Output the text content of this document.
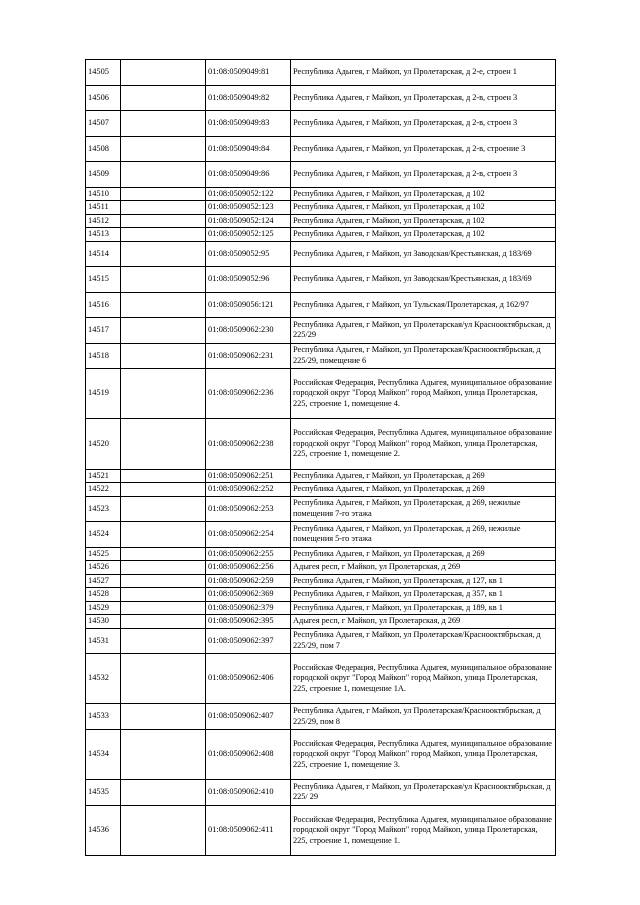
14505		01:08:0509049:81	Республика Адыгея, г Майкоп, ул Пролетарская, д 2-е, строен 1
14506		01:08:0509049:82	Республика Адыгея, г Майкоп, ул Пролетарская, д 2-в, строен 3
14507		01:08:0509049:83	Республика Адыгея, г Майкоп, ул Пролетарская, д 2-в, строен 3
14508		01:08:0509049:84	Республика Адыгея, г Майкоп, ул Пролетарская, д 2-в, строение 3
14509		01:08:0509049:86	Республика Адыгея, г Майкоп, ул Пролетарская, д 2-в, строен 3
14510		01:08:0509052:122	Республика Адыгея, г Майкоп, ул Пролетарская, д 102
14511		01:08:0509052:123	Республика Адыгея, г Майкоп, ул Пролетарская, д 102
14512		01:08:0509052:124	Республика Адыгея, г Майкоп, ул Пролетарская, д 102
14513		01:08:0509052:125	Республика Адыгея, г Майкоп, ул Пролетарская, д 102
14514		01:08:0509052:95	Республика Адыгея, г Майкоп, ул Заводская/Крестьянская, д 183/69
14515		01:08:0509052:96	Республика Адыгея, г Майкоп, ул Заводская/Крестьянская, д 183/69
14516		01:08:0509056:121	Республика Адыгея, г Майкоп, ул Тульская/Пролетарская, д 162/97
14517		01:08:0509062:230	Республика Адыгея, г Майкоп, ул Пролетарская/ул Краснооктябрьская, д 225/29
14518		01:08:0509062:231	Республика Адыгея, г Майкоп, ул Пролетарская/Краснооктябрьская, д 225/29, помещение 6
14519		01:08:0509062:236	Российская Федерация, Республика Адыгея, муниципальное образование городской округ "Город Майкоп" город Майкоп, улица Пролетарская, 225, строение 1, помещение 4.
14520		01:08:0509062:238	Российская Федерация, Республика Адыгея, муниципальное образование городской округ "Город Майкоп" город Майкоп, улица Пролетарская, 225, строение 1, помещение 2.
14521		01:08:0509062:251	Республика Адыгея, г Майкоп, ул Пролетарская, д 269
14522		01:08:0509062:252	Республика Адыгея, г Майкоп, ул Пролетарская, д 269
14523		01:08:0509062:253	Республика Адыгея, г Майкоп, ул Пролетарская, д 269, нежилые помещения 7-го этажа
14524		01:08:0509062:254	Республика Адыгея, г Майкоп, ул Пролетарская, д 269, нежилые помещения 5-го этажа
14525		01:08:0509062:255	Республика Адыгея, г Майкоп, ул Пролетарская, д 269
14526		01:08:0509062:256	Адыгея респ, г Майкоп, ул Пролетарская, д 269
14527		01:08:0509062:259	Республика Адыгея, г Майкоп, ул Пролетарская, д 127, кв 1
14528		01:08:0509062:369	Республика Адыгея, г Майкоп, ул Пролетарская, д 357, кв 1
14529		01:08:0509062:379	Республика Адыгея, г Майкоп, ул Пролетарская, д 189, кв 1
14530		01:08:0509062:395	Адыгея респ, г Майкоп, ул Пролетарская, д 269
14531		01:08:0509062:397	Республика Адыгея, г Майкоп, ул Пролетарская/Краснооктябрьская, д 225/29, пом 7
14532		01:08:0509062:406	Российская Федерация, Республика Адыгея, муниципальное образование городской округ "Город Майкоп" город Майкоп, улица Пролетарская, 225, строение 1, помещение 1А.
14533		01:08:0509062:407	Республика Адыгея, г Майкоп, ул Пролетарская/Краснооктябрьская, д 225/29, пом 8
14534		01:08:0509062:408	Российская Федерация, Республика Адыгея, муниципальное образование городской округ "Город Майкоп" город Майкоп, улица Пролетарская, 225, строение 1, помещение 3.
14535		01:08:0509062:410	Республика Адыгея, г Майкоп, ул Пролетарская/ул Краснооктябрьская, д 225/ 29
14536		01:08:0509062:411	Российская Федерация, Республика Адыгея, муниципальное образование городской округ "Город Майкоп" город Майкоп, улица Пролетарская, 225, строение 1, помещение 1.
